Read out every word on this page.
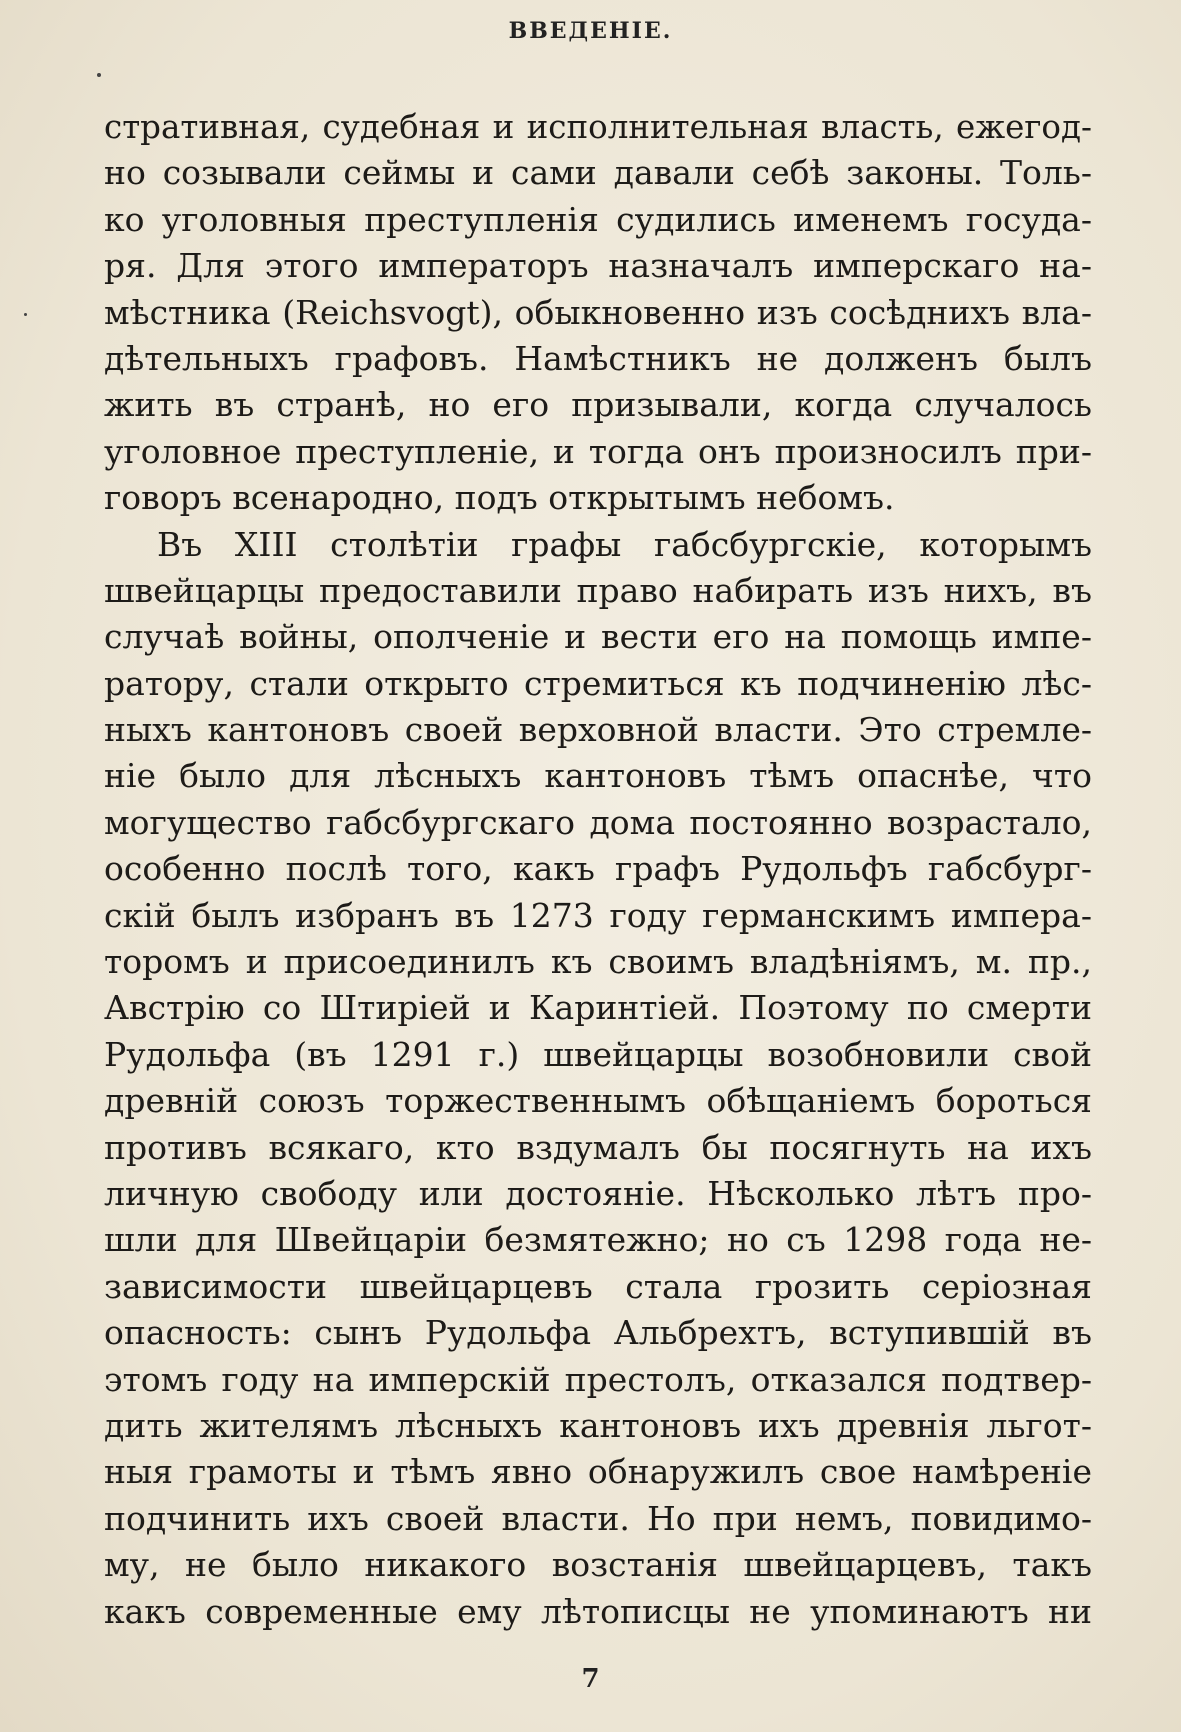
ВВЕДЕНІЕ.
стративная, судебная и исполнительная власть, ежегод-
но созывали сеймы и сами давали себѣ законы. Толь-
ко уголовныя преступленія судились именемъ госуда-
ря. Для этого императоръ назначалъ имперскаго на-
мѣстника (Reichsvogt), обыкновенно изъ сосѣднихъ вла-
дѣтельныхъ графовъ. Намѣстникъ не долженъ былъ
жить въ странѣ, но его призывали, когда случалось
уголовное преступленіе, и тогда онъ произносилъ при-
говоръ всенародно, подъ открытымъ небомъ.
Въ XIII столѣтіи графы габсбургскіе, которымъ
швейцарцы предоставили право набирать изъ нихъ, въ
случаѣ войны, ополченіе и вести его на помощь импе-
ратору, стали открыто стремиться къ подчиненію лѣс-
ныхъ кантоновъ своей верховной власти. Это стремле-
ніе было для лѣсныхъ кантоновъ тѣмъ опаснѣе, что
могущество габсбургскаго дома постоянно возрастало,
особенно послѣ того, какъ графъ Рудольфъ габсбург-
скій былъ избранъ въ 1273 году германскимъ импера-
торомъ и присоединилъ къ своимъ владѣніямъ, м. пр.,
Австрію со Штиріей и Каринтіей. Поэтому по смерти
Рудольфа (въ 1291 г.) швейцарцы возобновили свой
древній союзъ торжественнымъ обѣщаніемъ бороться
противъ всякаго, кто вздумалъ бы посягнуть на ихъ
личную свободу или достояніе. Нѣсколько лѣтъ про-
шли для Швейцаріи безмятежно; но съ 1298 года не-
зависимости швейцарцевъ стала грозить серіозная
опасность: сынъ Рудольфа Альбрехтъ, вступившій въ
этомъ году на имперскій престолъ, отказался подтвер-
дить жителямъ лѣсныхъ кантоновъ ихъ древнія льгот-
ныя грамоты и тѣмъ явно обнаружилъ свое намѣреніе
подчинить ихъ своей власти. Но при немъ, повидимо-
му, не было никакого возстанія швейцарцевъ, такъ
какъ современные ему лѣтописцы не упоминаютъ ни
7
